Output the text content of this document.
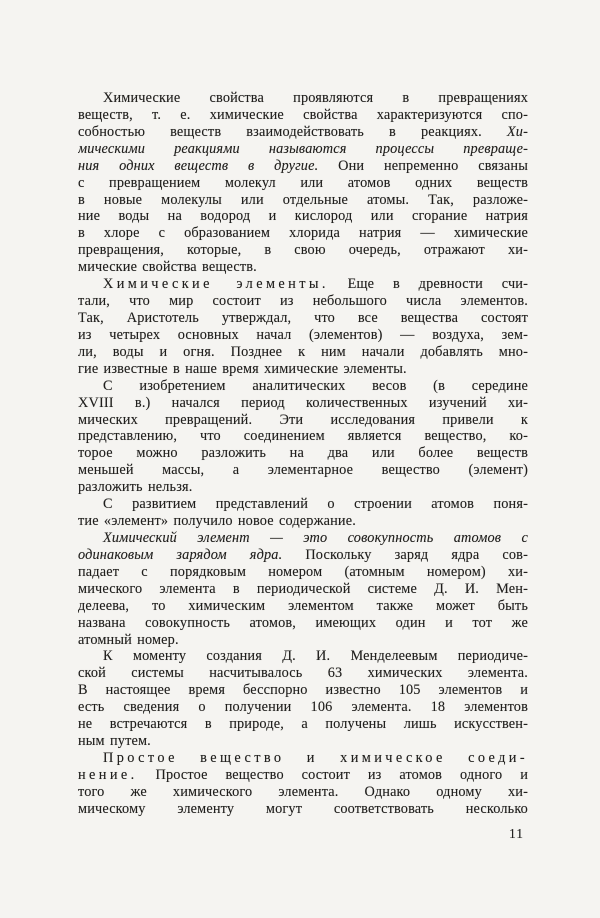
Химические свойства проявляются в превращениях
веществ, т. е. химические свойства характеризуются спо-
собностью веществ взаимодействовать в реакциях. Хи-
мическими реакциями называются процессы превраще-
ния одних веществ в другие. Они непременно связаны
с превращением молекул или атомов одних веществ
в новые молекулы или отдельные атомы. Так, разложе-
ние воды на водород и кислород или сгорание натрия
в хлоре с образованием хлорида натрия — химические
превращения, которые, в свою очередь, отражают хи-
мические свойства веществ.
Химические элементы. Еще в древности счи-
тали, что мир состоит из небольшого числа элементов.
Так, Аристотель утверждал, что все вещества состоят
из четырех основных начал (элементов) — воздуха, зем-
ли, воды и огня. Позднее к ним начали добавлять мно-
гие известные в наше время химические элементы.
С изобретением аналитических весов (в середине
XVIII в.) начался период количественных изучений хи-
мических превращений. Эти исследования привели к
представлению, что соединением является вещество, ко-
торое можно разложить на два или более веществ
меньшей массы, а элементарное вещество (элемент)
разложить нельзя.
С развитием представлений о строении атомов поня-
тие «элемент» получило новое содержание.
Химический элемент — это совокупность атомов с
одинаковым зарядом ядра. Поскольку заряд ядра сов-
падает с порядковым номером (атомным номером) хи-
мического элемента в периодической системе Д. И. Мен-
делеева, то химическим элементом также может быть
названа совокупность атомов, имеющих один и тот же
атомный номер.
К моменту создания Д. И. Менделеевым периодиче-
ской системы насчитывалось 63 химических элемента.
В настоящее время бесспорно известно 105 элементов и
есть сведения о получении 106 элемента. 18 элементов
не встречаются в природе, а получены лишь искусствен-
ным путем.
Простое вещество и химическое соеди-
нение. Простое вещество состоит из атомов одного и
того же химического элемента. Однако одному хи-
мическому элементу могут соответствовать несколько
11
